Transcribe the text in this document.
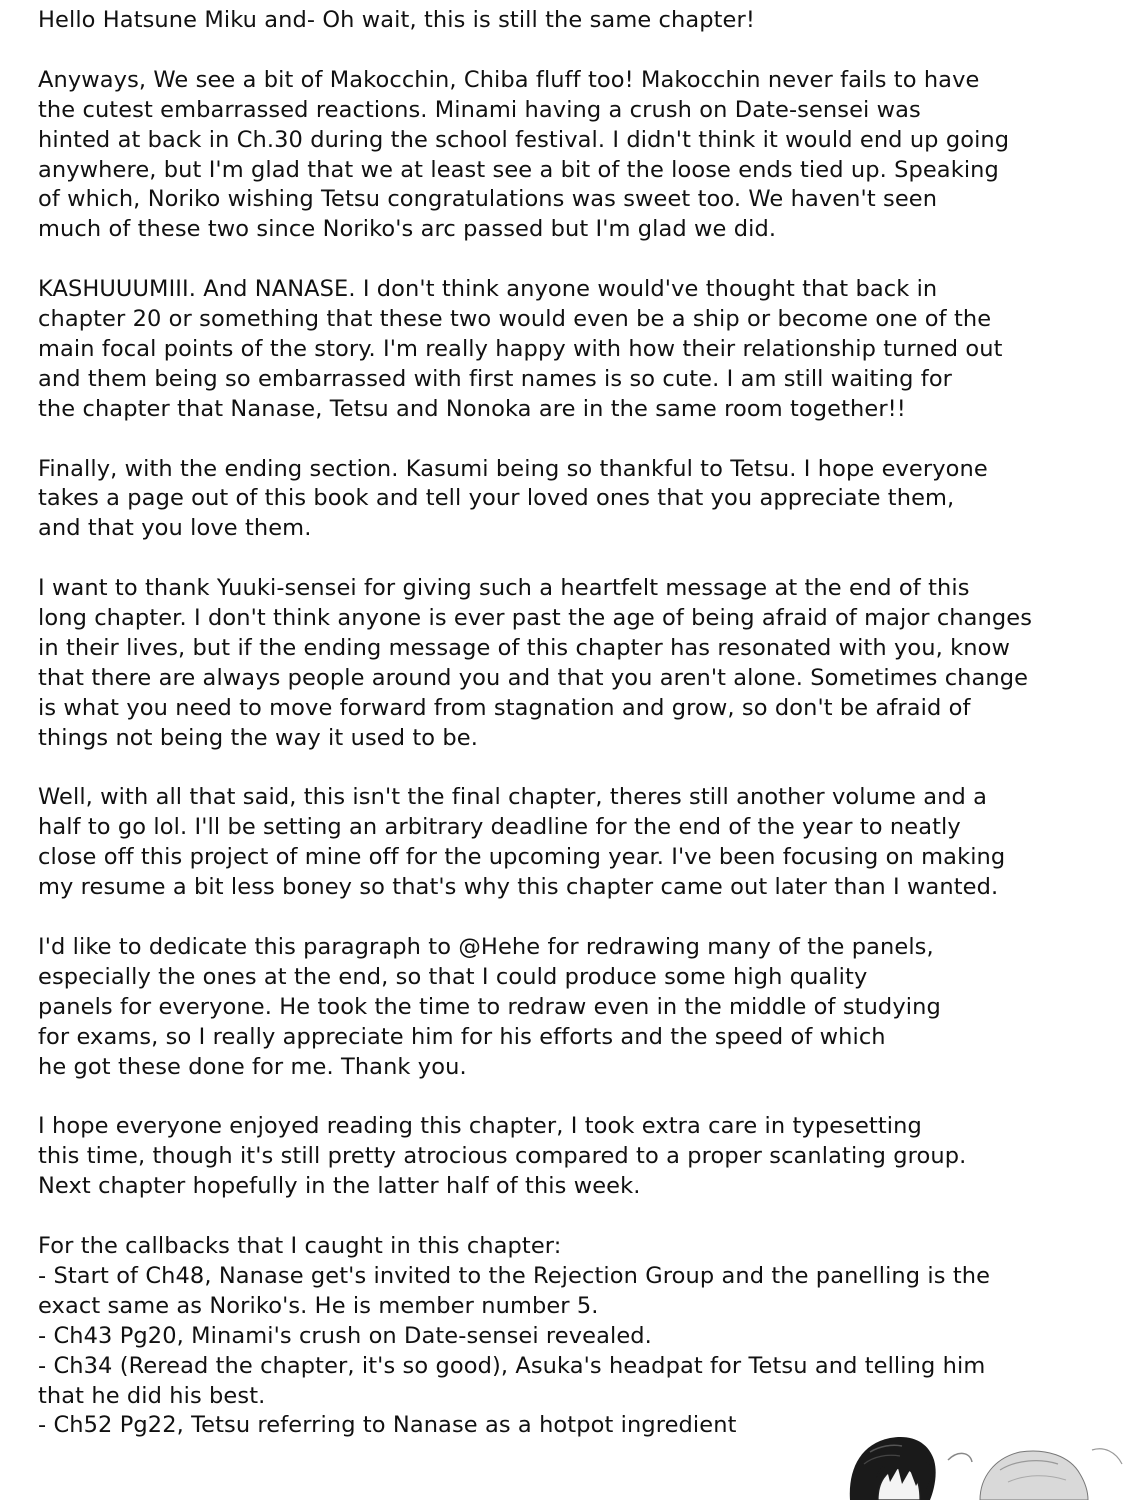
Hello Hatsune Miku and- Oh wait, this is still the same chapter!

Anyways, We see a bit of Makocchin, Chiba fluff too! Makocchin never fails to have
the cutest embarrassed reactions. Minami having a crush on Date-sensei was
hinted at back in Ch.30 during the school festival. I didn't think it would end up going
anywhere, but I'm glad that we at least see a bit of the loose ends tied up. Speaking
of which, Noriko wishing Tetsu congratulations was sweet too. We haven't seen
much of these two since Noriko's arc passed but I'm glad we did.

KASHUUUMIII. And NANASE. I don't think anyone would've thought that back in
chapter 20 or something that these two would even be a ship or become one of the
main focal points of the story. I'm really happy with how their relationship turned out
and them being so embarrassed with first names is so cute. I am still waiting for
the chapter that Nanase, Tetsu and Nonoka are in the same room together!!

Finally, with the ending section. Kasumi being so thankful to Tetsu. I hope everyone
takes a page out of this book and tell your loved ones that you appreciate them,
and that you love them.

I want to thank Yuuki-sensei for giving such a heartfelt message at the end of this
long chapter. I don't think anyone is ever past the age of being afraid of major changes
in their lives, but if the ending message of this chapter has resonated with you, know
that there are always people around you and that you aren't alone. Sometimes change
is what you need to move forward from stagnation and grow, so don't be afraid of
things not being the way it used to be.

Well, with all that said, this isn't the final chapter, theres still another volume and a
half to go lol. I'll be setting an arbitrary deadline for the end of the year to neatly
close off this project of mine off for the upcoming year. I've been focusing on making
my resume a bit less boney so that's why this chapter came out later than I wanted.

I'd like to dedicate this paragraph to @Hehe for redrawing many of the panels,
especially the ones at the end, so that I could produce some high quality
panels for everyone. He took the time to redraw even in the middle of studying
for exams, so I really appreciate him for his efforts and the speed of which
he got these done for me. Thank you.

I hope everyone enjoyed reading this chapter, I took extra care in typesetting
this time, though it's still pretty atrocious compared to a proper scanlating group.
Next chapter hopefully in the latter half of this week.

For the callbacks that I caught in this chapter:
- Start of Ch48, Nanase get's invited to the Rejection Group and the panelling is the
exact same as Noriko's. He is member number 5.
- Ch43 Pg20, Minami's crush on Date-sensei revealed.
- Ch34 (Reread the chapter, it's so good), Asuka's headpat for Tetsu and telling him
that he did his best.
- Ch52 Pg22, Tetsu referring to Nanase as a hotpot ingredient
